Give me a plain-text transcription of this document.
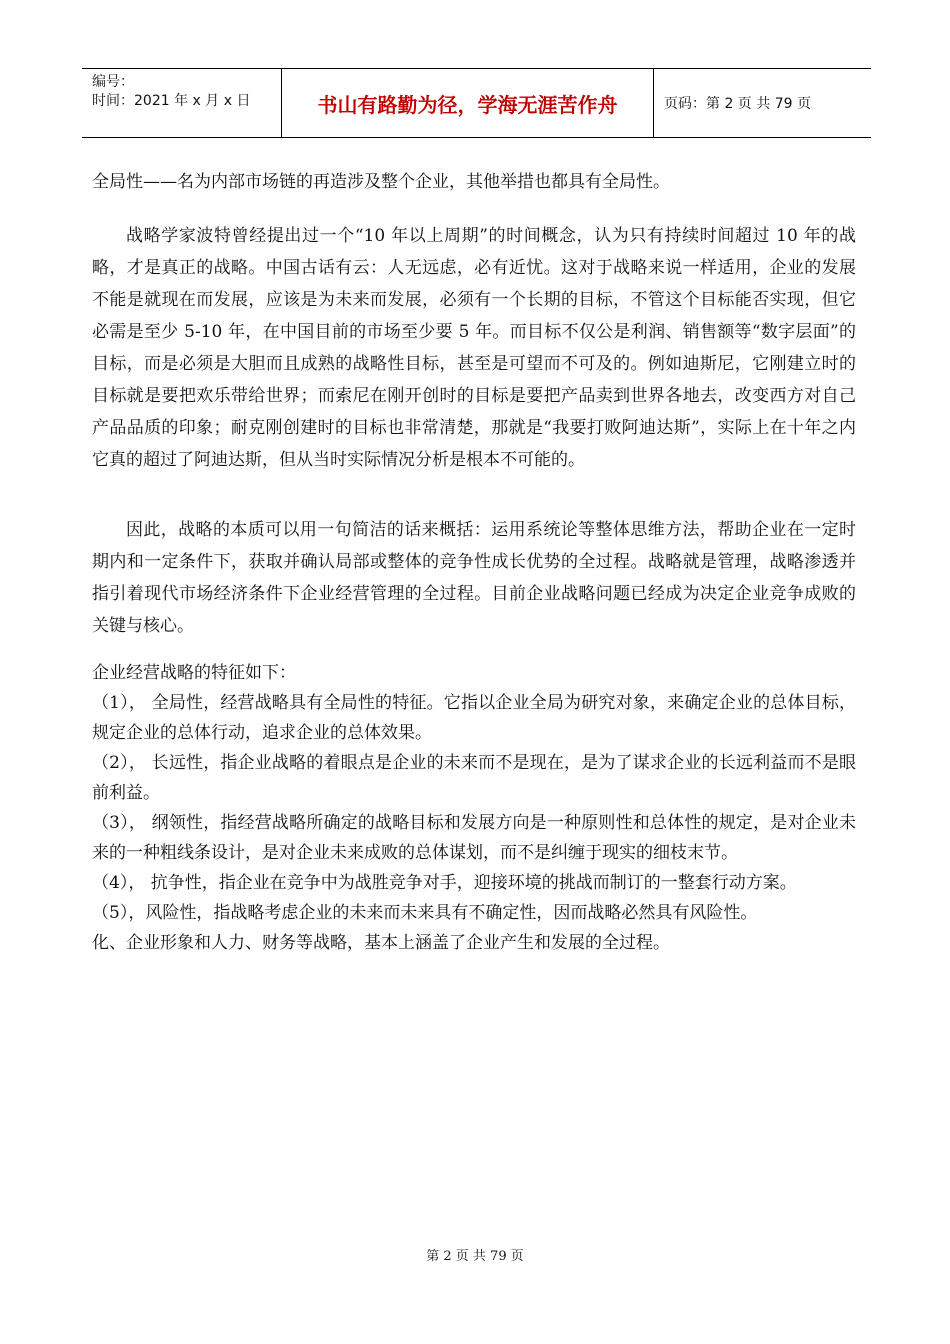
编号：
时间：2021 年 x 月 x 日	书山有路勤为径，学海无涯苦作舟	页码：第 2 页 共 79 页

全局性——名为内部市场链的再造涉及整个企业，其他举措也都具有全局性。

战略学家波特曾经提出过一个“10 年以上周期”的时间概念，认为只有持续时间超过 10 年的战略，才是真正的战略。中国古话有云：人无远虑，必有近忧。这对于战略来说一样适用，企业的发展不能是就现在而发展，应该是为未来而发展，必须有一个长期的目标，不管这个目标能否实现，但它必需是至少 5-10 年，在中国目前的市场至少要 5 年。而目标不仅公是利润、销售额等“数字层面”的目标，而是必须是大胆而且成熟的战略性目标，甚至是可望而不可及的。例如迪斯尼，它刚建立时的目标就是要把欢乐带给世界；而索尼在刚开创时的目标是要把产品卖到世界各地去，改变西方对自己产品品质的印象；耐克刚创建时的目标也非常清楚，那就是“我要打败阿迪达斯”，实际上在十年之内它真的超过了阿迪达斯，但从当时实际情况分析是根本不可能的。

因此，战略的本质可以用一句简洁的话来概括：运用系统论等整体思维方法，帮助企业在一定时期内和一定条件下，获取并确认局部或整体的竞争性成长优势的全过程。战略就是管理，战略渗透并指引着现代市场经济条件下企业经营管理的全过程。目前企业战略问题已经成为决定企业竞争成败的关键与核心。

企业经营战略的特征如下：

（1）， 全局性，经营战略具有全局性的特征。它指以企业全局为研究对象，来确定企业的总体目标，规定企业的总体行动，追求企业的总体效果。

（2）， 长远性，指企业战略的着眼点是企业的未来而不是现在，是为了谋求企业的长远利益而不是眼前利益。

（3）， 纲领性，指经营战略所确定的战略目标和发展方向是一种原则性和总体性的规定，是对企业未来的一种粗线条设计，是对企业未来成败的总体谋划，而不是纠缠于现实的细枝末节。

（4）， 抗争性，指企业在竞争中为战胜竞争对手，迎接环境的挑战而制订的一整套行动方案。

（5），风险性，指战略考虑企业的未来而未来具有不确定性，因而战略必然具有风险性。

化、企业形象和人力、财务等战略，基本上涵盖了企业产生和发展的全过程。

第 2 页 共 79 页
